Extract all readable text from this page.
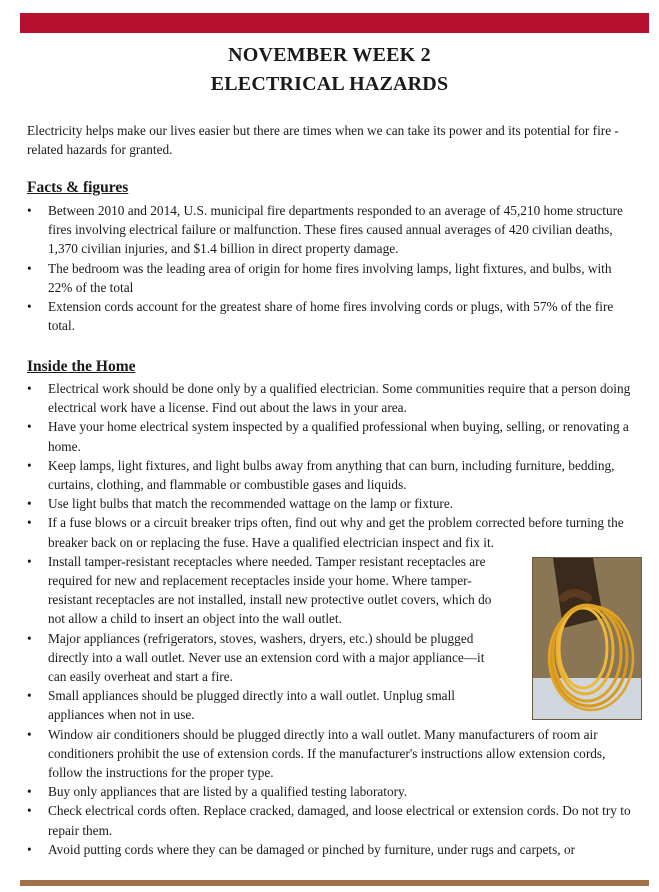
NOVEMBER WEEK 2
ELECTRICAL HAZARDS
Electricity helps make our lives easier but there are times when we can take its power and its potential for fire -related hazards for granted.
Facts & figures
• Between 2010 and 2014, U.S. municipal fire departments responded to an average of 45,210 home structure fires involving electrical failure or malfunction. These fires caused annual averages of 420 civilian deaths, 1,370 civilian injuries, and $1.4 billion in direct property damage.
• The bedroom was the leading area of origin for home fires involving lamps, light fixtures, and bulbs, with 22% of the total
• Extension cords account for the greatest share of home fires involving cords or plugs, with 57% of the fire total.
Inside the Home
• Electrical work should be done only by a qualified electrician. Some communities require that a person doing electrical work have a license. Find out about the laws in your area.
• Have your home electrical system inspected by a qualified professional when buying, selling, or renovating a home.
• Keep lamps, light fixtures, and light bulbs away from anything that can burn, including furniture, bedding, curtains, clothing, and flammable or combustible gases and liquids.
• Use light bulbs that match the recommended wattage on the lamp or fixture.
• If a fuse blows or a circuit breaker trips often, find out why and get the problem corrected before turning the breaker back on or replacing the fuse. Have a qualified electrician inspect and fix it.
• Install tamper-resistant receptacles where needed. Tamper resistant receptacles are required for new and replacement receptacles inside your home. Where tamper-resistant receptacles are not installed, install new protective outlet covers, which do not allow a child to insert an object into the wall outlet.
• Major appliances (refrigerators, stoves, washers, dryers, etc.) should be plugged directly into a wall outlet. Never use an extension cord with a major appliance—it can easily overheat and start a fire.
• Small appliances should be plugged directly into a wall outlet. Unplug small appliances when not in use.
• Window air conditioners should be plugged directly into a wall outlet. Many manufacturers of room air conditioners prohibit the use of extension cords. If the manufacturer's instructions allow extension cords, follow the instructions for the proper type.
• Buy only appliances that are listed by a qualified testing laboratory.
• Check electrical cords often. Replace cracked, damaged, and loose electrical or extension cords. Do not try to repair them.
• Avoid putting cords where they can be damaged or pinched by furniture, under rugs and carpets, or
